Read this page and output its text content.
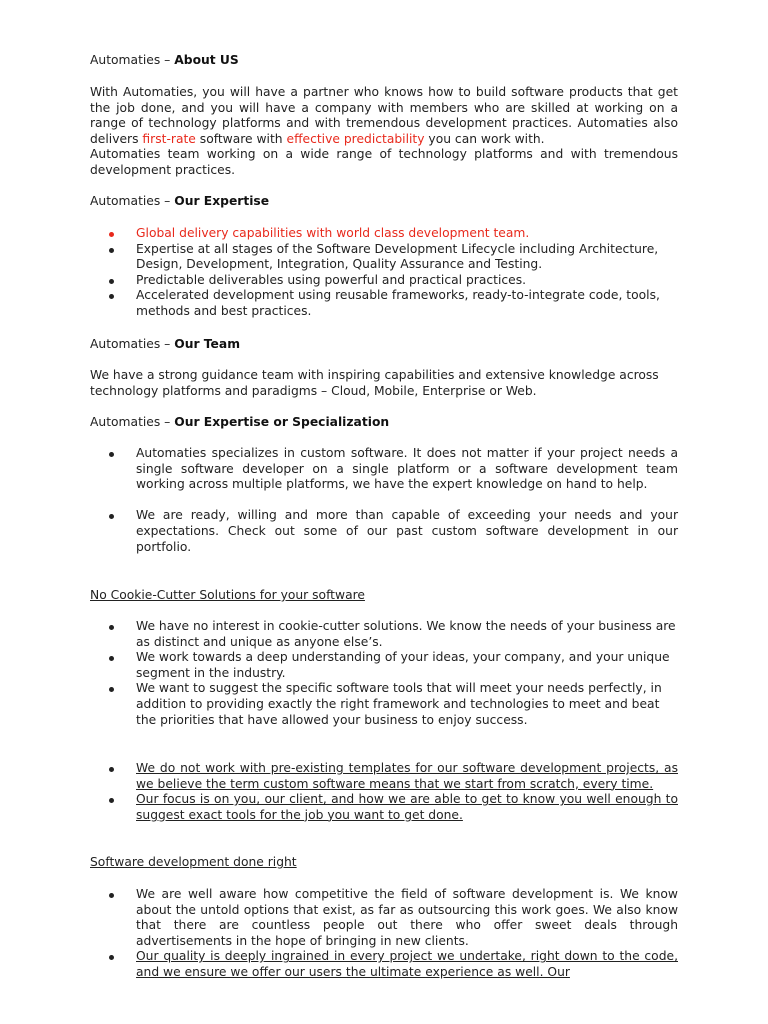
Automaties – About US
With Automaties, you will have a partner who knows how to build software products that get the job done, and you will have a company with members who are skilled at working on a range of technology platforms and with tremendous development practices. Automaties also delivers first-rate software with effective predictability you can work with.
Automaties team working on a wide range of technology platforms and with tremendous development practices.
Automaties – Our Expertise
Global delivery capabilities with world class development team.
Expertise at all stages of the Software Development Lifecycle including Architecture, Design, Development, Integration, Quality Assurance and Testing.
Predictable deliverables using powerful and practical practices.
Accelerated development using reusable frameworks, ready-to-integrate code, tools, methods and best practices.
Automaties – Our Team
We have a strong guidance team with inspiring capabilities and extensive knowledge across technology platforms and paradigms – Cloud, Mobile, Enterprise or Web.
Automaties – Our Expertise or Specialization
Automaties specializes in custom software. It does not matter if your project needs a single software developer on a single platform or a software development team working across multiple platforms, we have the expert knowledge on hand to help.
We are ready, willing and more than capable of exceeding your needs and your expectations. Check out some of our past custom software development in our portfolio.
No Cookie-Cutter Solutions for your software
We have no interest in cookie-cutter solutions. We know the needs of your business are as distinct and unique as anyone else’s.
We work towards a deep understanding of your ideas, your company, and your unique segment in the industry.
We want to suggest the specific software tools that will meet your needs perfectly, in addition to providing exactly the right framework and technologies to meet and beat the priorities that have allowed your business to enjoy success.
We do not work with pre-existing templates for our software development projects, as we believe the term custom software means that we start from scratch, every time.
Our focus is on you, our client, and how we are able to get to know you well enough to suggest exact tools for the job you want to get done.
Software development done right
We are well aware how competitive the field of software development is. We know about the untold options that exist, as far as outsourcing this work goes. We also know that there are countless people out there who offer sweet deals through advertisements in the hope of bringing in new clients.
Our quality is deeply ingrained in every project we undertake, right down to the code, and we ensure we offer our users the ultimate experience as well. Our
